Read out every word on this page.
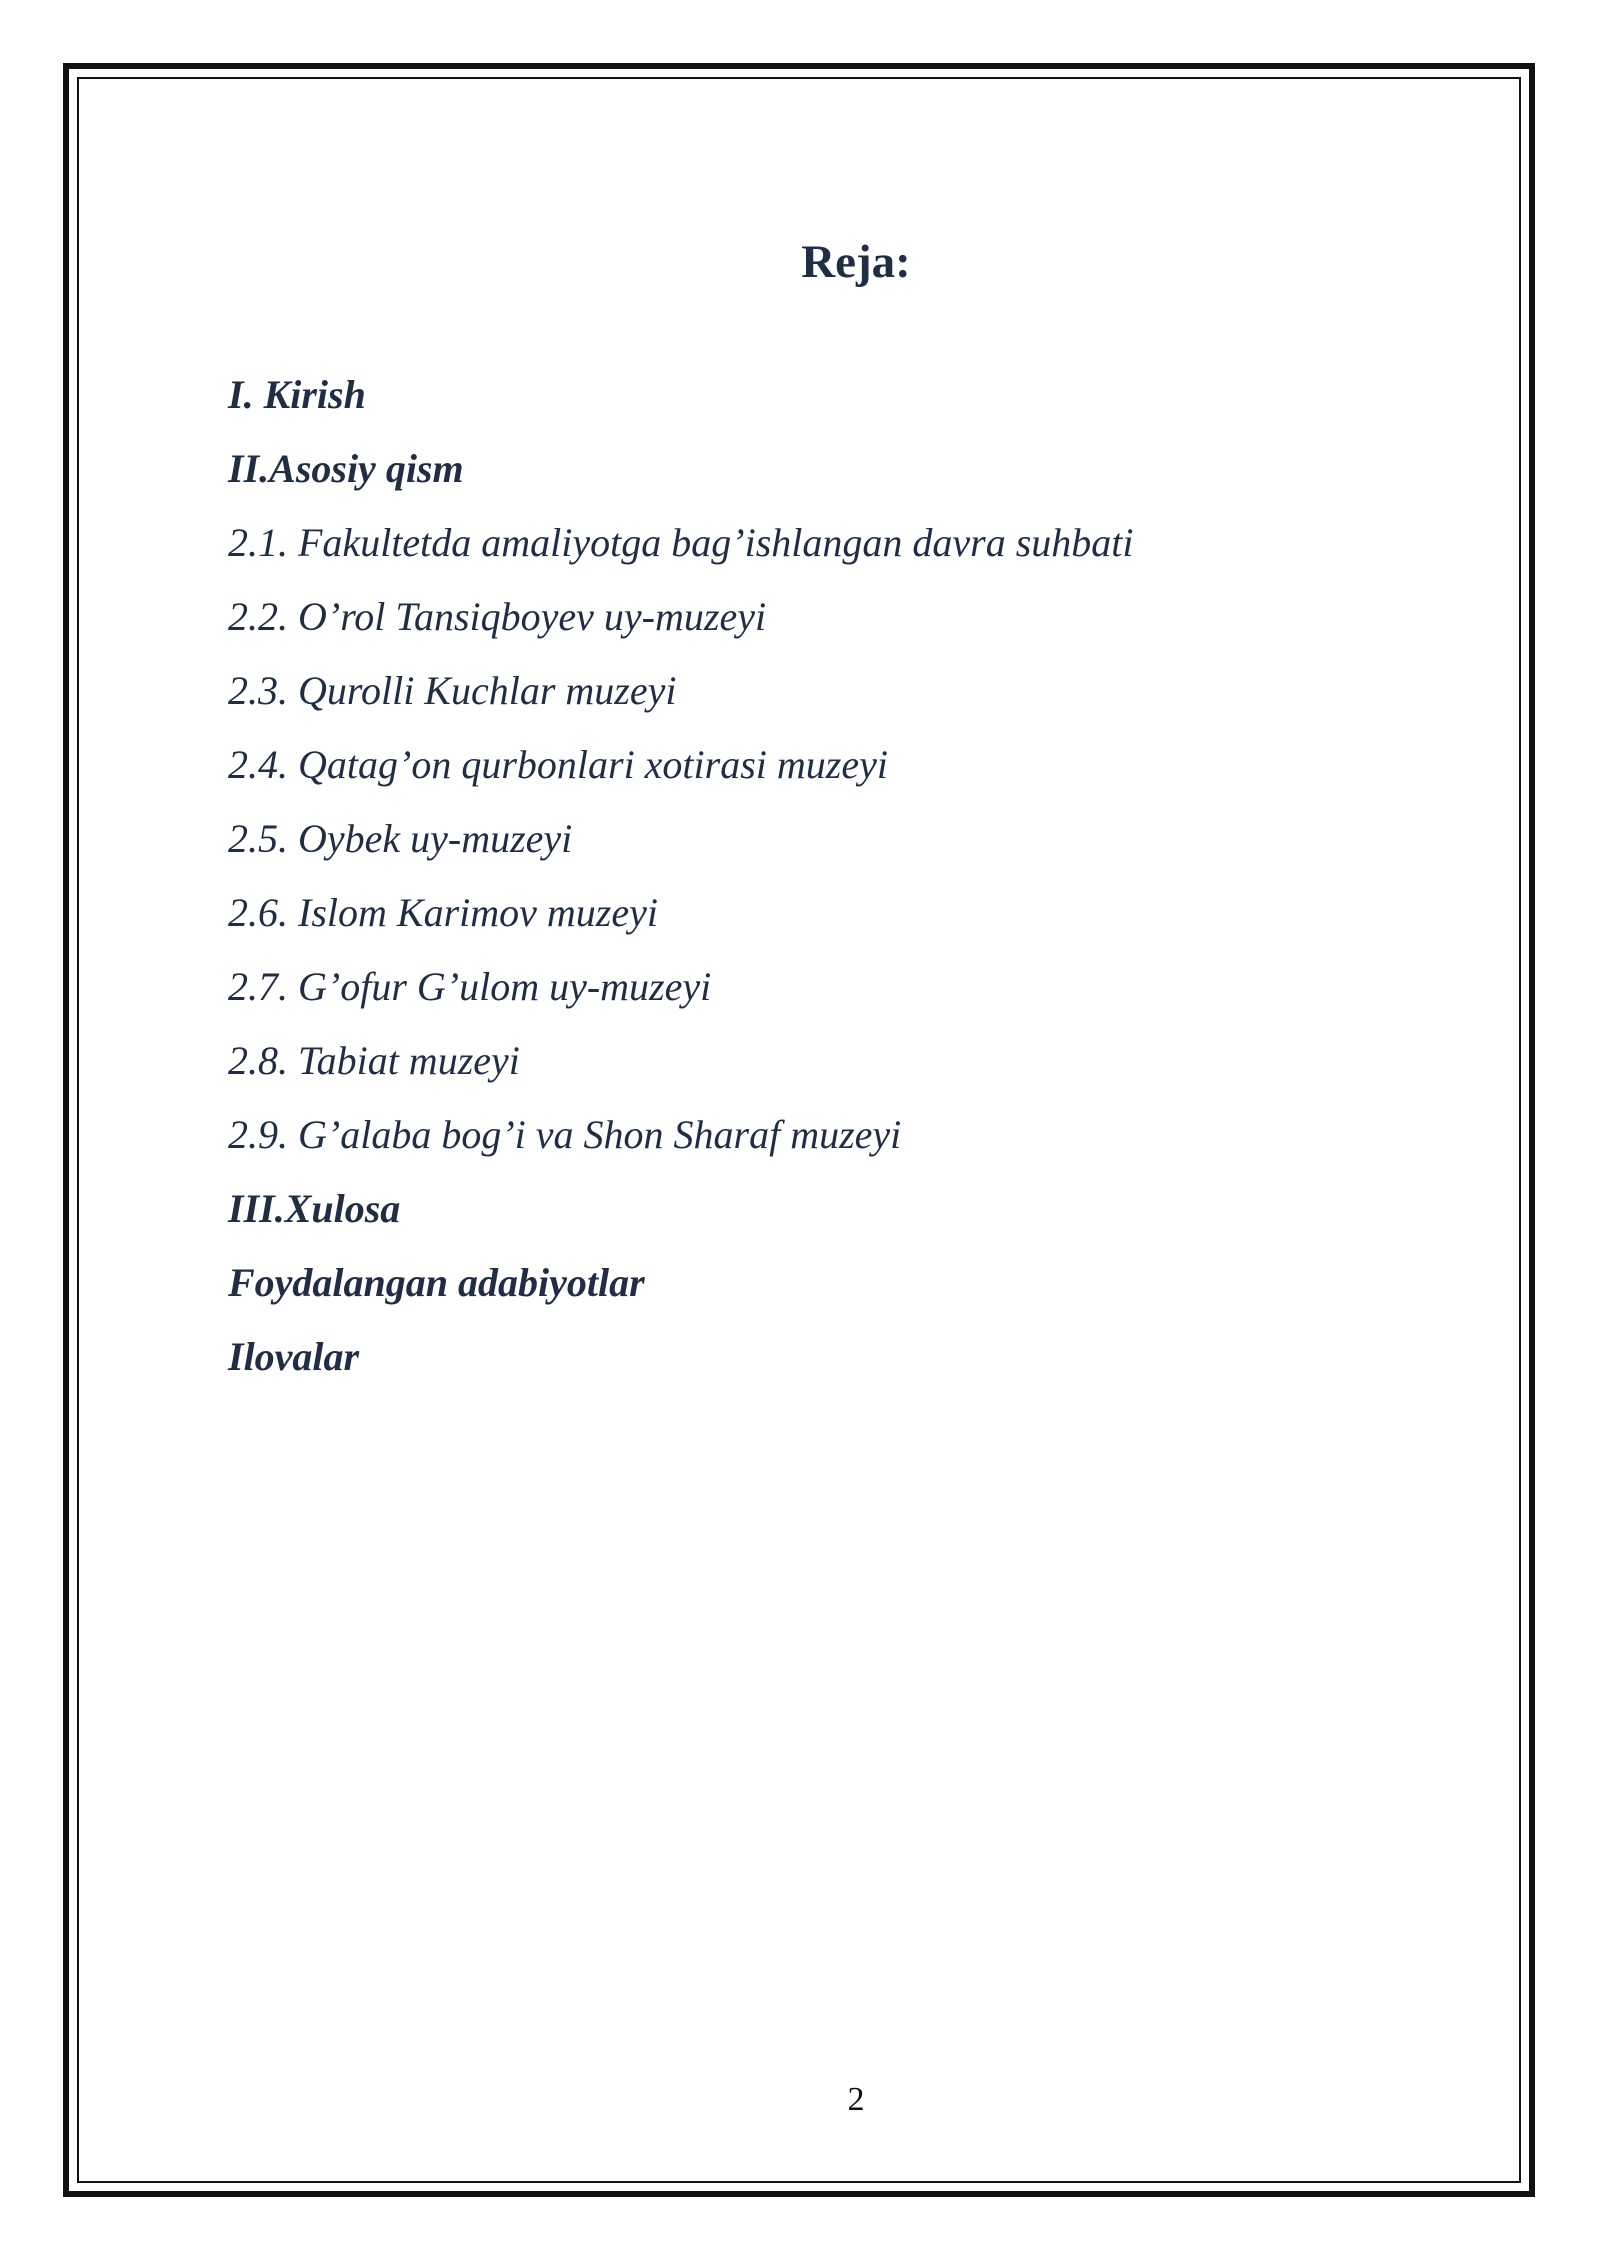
Reja:
I. Kirish
II.Asosiy qism
2.1. Fakultetda amaliyotga bag’ishlangan davra suhbati
2.2. O’rol Tansiqboyev uy-muzeyi
2.3. Qurolli Kuchlar muzeyi
2.4. Qatag’on qurbonlari xotirasi muzeyi
2.5. Oybek uy-muzeyi
2.6. Islom Karimov muzeyi
2.7. G’ofur G’ulom uy-muzeyi
2.8. Tabiat muzeyi
2.9. G’alaba bog’i va Shon Sharaf muzeyi
III.Xulosa
Foydalangan adabiyotlar
Ilovalar
2
